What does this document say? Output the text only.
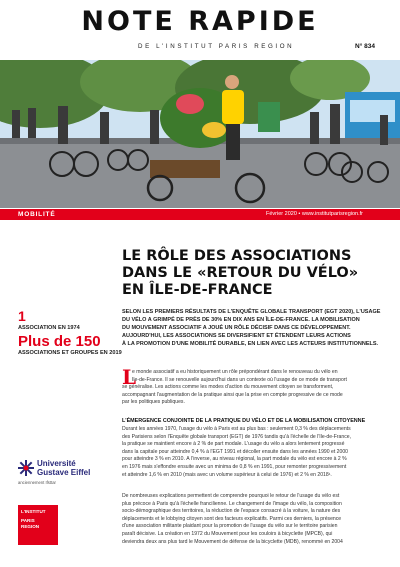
NOTE RAPIDE
DE L'INSTITUT PARIS REGION	N° 834
MOBILITÉ	Février 2020 • www.institutparisregion.fr
LE RÔLE DES ASSOCIATIONS
DANS LE «RETOUR DU VÉLO»
EN ÎLE-DE-FRANCE
1
ASSOCIATION EN 1974
Plus de 150
ASSOCIATIONS ET GROUPES EN 2019
SELON LES PREMIERS RÉSULTATS DE L'ENQUÊTE GLOBALE TRANSPORT (EGT 2020), L'USAGE
DU VÉLO A GRIMPÉ DE PRÈS DE 30% EN DIX ANS EN ÎLE-DE-FRANCE. LA MOBILISATION
DU MOUVEMENT ASSOCIATIF A JOUÉ UN RÔLE DÉCISIF DANS CE DÉVELOPPEMENT.
AUJOURD'HUI, LES ASSOCIATIONS SE DIVERSIFIENT ET ÉTENDENT LEURS ACTIONS
À LA PROMOTION D'UNE MOBILITÉ DURABLE, EN LIEN AVEC LES ACTEURS INSTITUTIONNELS.
L
e monde associatif a eu historiquement un rôle prépondérant dans le renouveau du vélo en
Île-de-France. Il se renouvelle aujourd'hui dans un contexte où l'usage de ce mode de transport
se généralise. Les actions comme les modes d'action du mouvement citoyen se transforment,
accompagnant l'augmentation de la pratique ainsi que la prise en compte progressive de ce mode
par les politiques publiques.
L'ÉMERGENCE CONJOINTE DE LA PRATIQUE DU VÉLO ET DE LA MOBILISATION CITOYENNE
Durant les années 1970, l'usage du vélo à Paris est au plus bas : seulement 0,3 % des déplacements
des Parisiens selon l'Enquête globale transport (EGT) de 1976 tandis qu'à l'échelle de l'Île-de-France,
la pratique se maintient encore à 2 % de part modale. L'usage du vélo a alors lentement progressé
dans la capitale pour atteindre 0,4 % à l'EGT 1991 et décoller ensuite dans les années 1990 et 2000
pour atteindre 3 % en 2010. À l'inverse, au niveau régional, la part modale du vélo est encore à 2 %
en 1976 mais s'effondre ensuite avec un minima de 0,8 % en 1991, pour remonter progressivement
et atteindre 1,6 % en 2010 (mais avec un volume supérieur à celui de 1976) et 2 % en 2018¹.
De nombreuses explications permettent de comprendre pourquoi le retour de l'usage du vélo est
plus précoce à Paris qu'à l'échelle francilienne. Le changement de l'image du vélo, la composition
socio-démographique des territoires, la réduction de l'espace consacré à la voiture, la nature des
déplacements et le lobbying citoyen sont des facteurs explicatifs. Parmi ces derniers, la présence
d'une association militante plaidant pour la promotion de l'usage du vélo sur le territoire parisien
paraît décisive. La création en 1972 du Mouvement pour les couloirs à bicyclette (MPCB), qui
deviendra deux ans plus tard le Mouvement de défense de la bicyclette (MDB), renommé en 2004
Université
Gustave Eiffel
anciennement Ifsttar
L'INSTITUT
PARIS
REGION
